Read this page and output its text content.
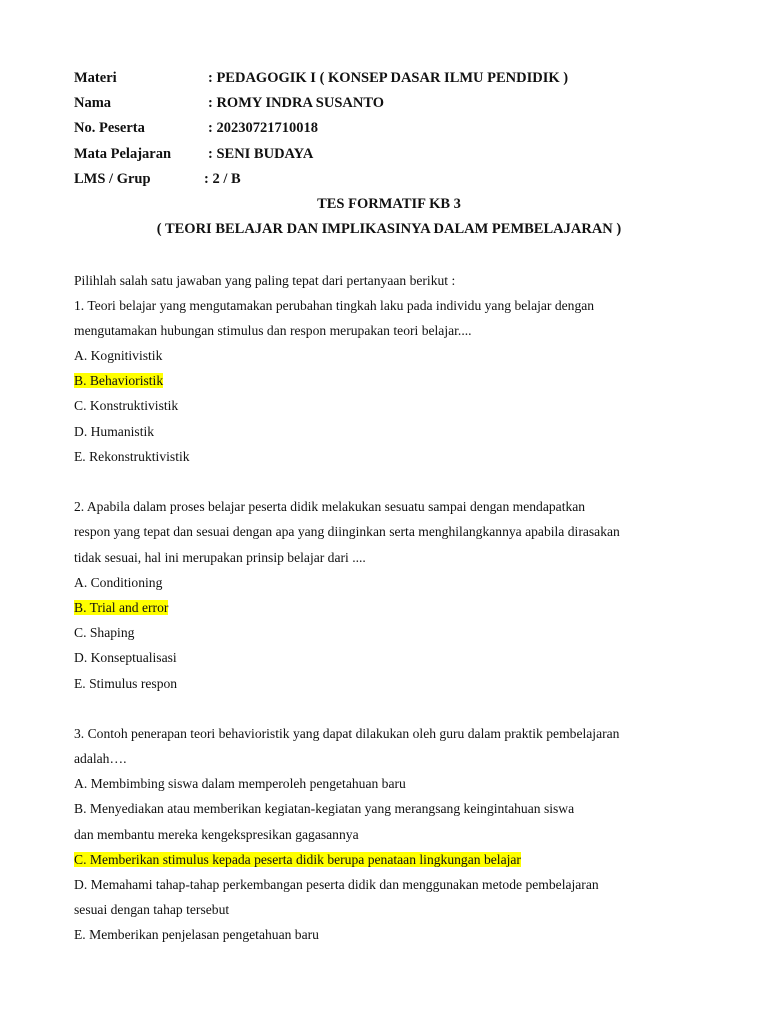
Materi	: PEDAGOGIK I ( KONSEP DASAR ILMU PENDIDIK )
Nama	: ROMY INDRA SUSANTO
No. Peserta	: 20230721710018
Mata Pelajaran	: SENI BUDAYA
LMS / Grup	: 2 / B
TES FORMATIF KB 3
( TEORI BELAJAR DAN IMPLIKASINYA DALAM PEMBELAJARAN )
Pilihlah salah satu jawaban yang paling tepat dari pertanyaan berikut :
1. Teori belajar yang mengutamakan perubahan tingkah laku pada individu yang belajar dengan
mengutamakan hubungan stimulus dan respon merupakan teori belajar....
A. Kognitivistik
B. Behavioristik
C. Konstruktivistik
D. Humanistik
E. Rekonstruktivistik
2. Apabila dalam proses belajar peserta didik melakukan sesuatu sampai dengan mendapatkan
respon yang tepat dan sesuai dengan apa yang diinginkan serta menghilangkannya apabila dirasakan
tidak sesuai, hal ini merupakan prinsip belajar dari ....
A. Conditioning
B. Trial and error
C. Shaping
D. Konseptualisasi
E. Stimulus respon
3. Contoh penerapan teori behavioristik yang dapat dilakukan oleh guru dalam praktik pembelajaran
adalah….
A. Membimbing siswa dalam memperoleh pengetahuan baru
B. Menyediakan atau memberikan kegiatan-kegiatan yang merangsang keingintahuan siswa
dan membantu mereka kengekspresikan gagasannya
C. Memberikan stimulus kepada peserta didik berupa penataan lingkungan belajar
D. Memahami tahap-tahap perkembangan peserta didik dan menggunakan metode pembelajaran
sesuai dengan tahap tersebut
E. Memberikan penjelasan pengetahuan baru
